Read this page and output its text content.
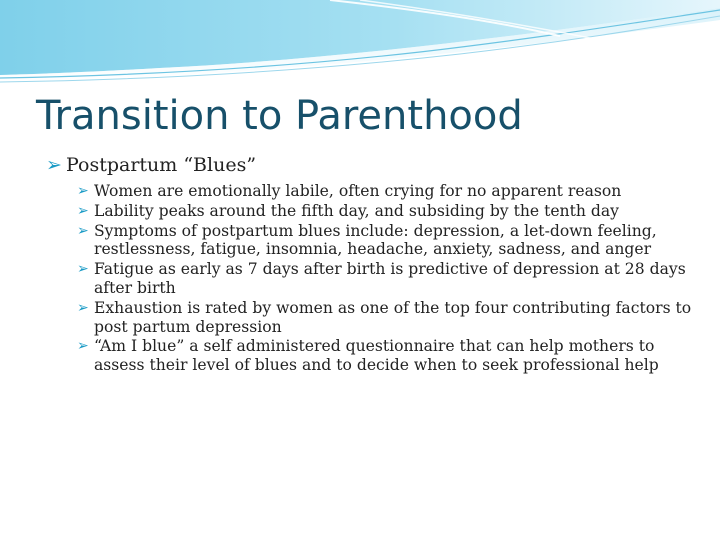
Transition to Parenthood
➢ Postpartum “Blues”
➢ Women are emotionally labile, often crying for no apparent reason
➢ Lability peaks around the fifth day, and subsiding by the tenth day
➢ Symptoms of postpartum blues include: depression, a let-down feeling, restlessness, fatigue, insomnia, headache, anxiety, sadness, and anger
➢ Fatigue as early as 7 days after birth is predictive of depression at 28 days after birth
➢ Exhaustion is rated by women as one of the top four contributing factors to post partum depression
➢ “Am I blue” a self administered questionnaire that can help mothers to assess their level of blues and to decide when to seek professional help
